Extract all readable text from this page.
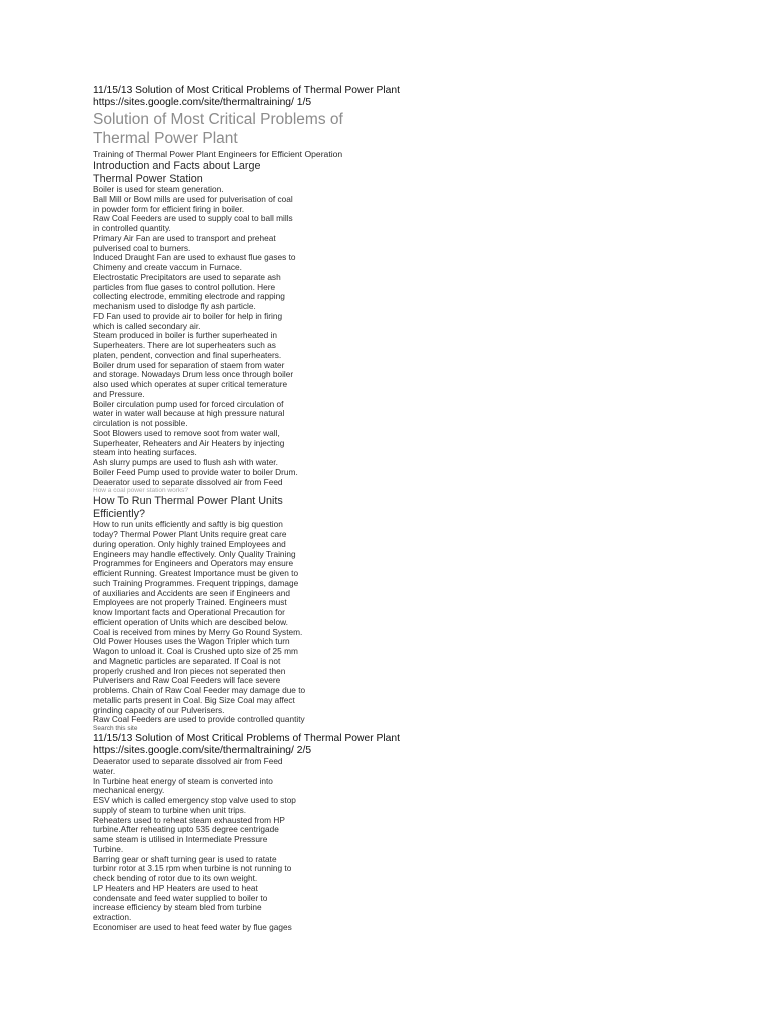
11/15/13 Solution of Most Critical Problems of Thermal Power Plant
https://sites.google.com/site/thermaltraining/ 1/5
Solution of Most Critical Problems of
Thermal Power Plant
Training of Thermal Power Plant Engineers for Efficient Operation
Introduction and Facts about Large
Thermal Power Station
Boiler is used for steam generation.
Ball Mill or Bowl mills are used for pulverisation of coal
in powder form for efficient firing in boiler.
Raw Coal Feeders are used to supply coal to ball mills
in controlled quantity.
Primary Air Fan are used to transport and preheat
pulverised coal to burners.
Induced Draught Fan are used to exhaust flue gases to
Chimeny and create vaccum in Furnace.
Electrostatic Precipitators are used to separate ash
particles from flue gases to control pollution. Here
collecting electrode, emmiting electrode and rapping
mechanism used to dislodge fly ash particle.
FD Fan used to provide air to boiler for help in firing
which is called secondary air.
Steam produced in boiler is further superheated in
Superheaters. There are lot superheaters such as
platen, pendent, convection and final superheaters.
Boiler drum used for separation of staem from water
and storage. Nowadays Drum less once through boiler
also used which operates at super critical temerature
and Pressure.
Boiler circulation pump used for forced circulation of
water in water wall because at high pressure natural
circulation is not possible.
Soot Blowers used to remove soot from water wall,
Superheater, Reheaters and Air Heaters by injecting
steam into heating surfaces.
Ash slurry pumps are used to flush ash with water.
Boiler Feed Pump used to provide water to boiler Drum.
Deaerator used to separate dissolved air from Feed
How a coal power station works?
How To Run Thermal Power Plant Units
Efficiently?
How to run units efficiently and saftly is big question
today? Thermal Power Plant Units require great care
during operation. Only highly trained Employees and
Engineers may handle effectively. Only Quality Training
Programmes for Engineers and Operators may ensure
efficient Running. Greatest Importance must be given to
such Training Programmes. Frequent trippings, damage
of auxiliaries and Accidents are seen if Engineers and
Employees are not properly Trained. Engineers must
know Important facts and Operational Precaution for
efficient operation of Units which are descibed below.
Coal is received from mines by Merry Go Round System.
Old Power Houses uses the Wagon Tripler which turn
Wagon to unload it. Coal is Crushed upto size of 25 mm
and Magnetic particles are separated. If Coal is not
properly crushed and Iron pieces not seperated then
Pulverisers and Raw Coal Feeders will face severe
problems. Chain of Raw Coal Feeder may damage due to
metallic parts present in Coal. Big Size Coal may affect
grinding capacity of our Pulverisers.
Raw Coal Feeders are used to provide controlled quantity
Search this site
11/15/13 Solution of Most Critical Problems of Thermal Power Plant
https://sites.google.com/site/thermaltraining/ 2/5
Deaerator used to separate dissolved air from Feed
water.
In Turbine heat energy of steam is converted into
mechanical energy.
ESV which is called emergency stop valve used to stop
supply of steam to turbine when unit trips.
Reheaters used to reheat steam exhausted from HP
turbine.After reheating upto 535 degree centrigade
same steam is utilised in Intermediate Pressure
Turbine.
Barring gear or shaft turning gear is used to ratate
turbinr rotor at 3.15 rpm when turbine is not running to
check bending of rotor due to its own weight.
LP Heaters and HP Heaters are used to heat
condensate and feed water supplied to boiler to
increase efficiency by steam bled from turbine
extraction.
Economiser are used to heat feed water by flue gages
